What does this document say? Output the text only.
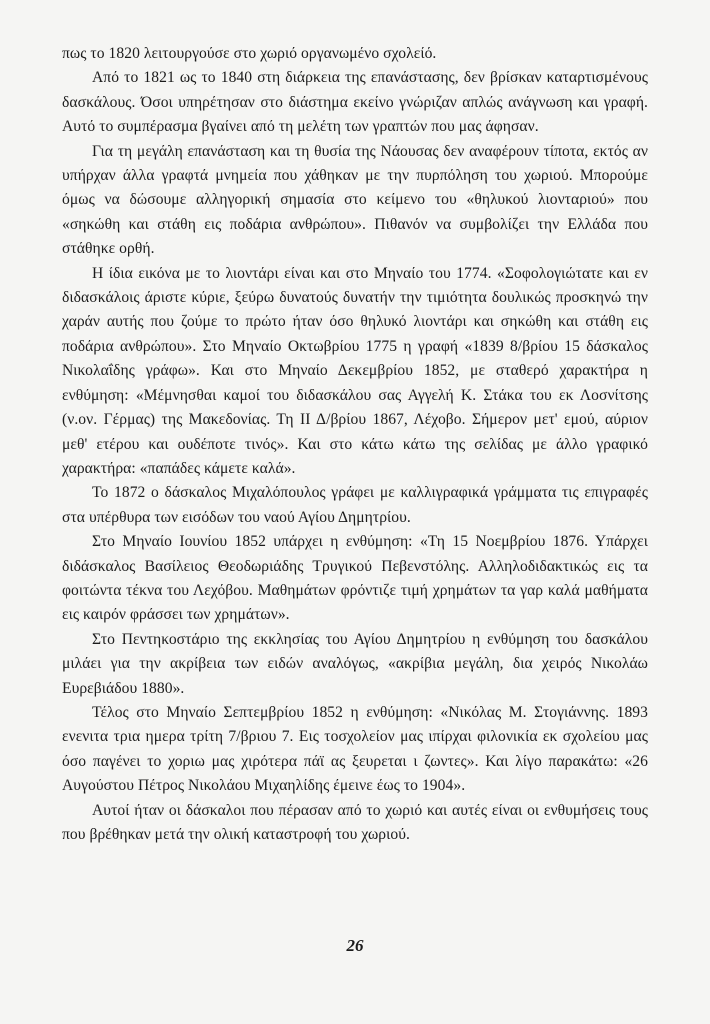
πως το 1820 λειτουργούσε στο χωριό οργανωμένο σχολείό.

Από το 1821 ως το 1840 στη διάρκεια της επανάστασης, δεν βρίσκαν καταρτισμένους δασκάλους. Όσοι υπηρέτησαν στο διάστημα εκείνο γνώριζαν απλώς ανάγνωση και γραφή. Αυτό το συμπέρασμα βγαίνει από τη μελέτη των γραπτών που μας άφησαν.

Για τη μεγάλη επανάσταση και τη θυσία της Νάουσας δεν αναφέρουν τίποτα, εκτός αν υπήρχαν άλλα γραφτά μνημεία που χάθηκαν με την πυρπόληση του χωριού. Μπορούμε όμως να δώσουμε αλληγορική σημασία στο κείμενο του «θηλυκού λιονταριού» που «σηκώθη και στάθη εις ποδάρια ανθρώπου». Πιθανόν να συμβολίζει την Ελλάδα που στάθηκε ορθή.

Η ίδια εικόνα με το λιοντάρι είναι και στο Μηναίο του 1774. «Σοφολογιώτατε και εν διδασκάλοις άριστε κύριε, ξεύρω δυνατούς δυνατήν την τιμιότητα δουλικώς προσκηνώ την χαράν αυτής που ζούμε το πρώτο ήταν όσο θηλυκό λιοντάρι και σηκώθη και στάθη εις ποδάρια ανθρώπου». Στο Μηναίο Οκτωβρίου 1775 η γραφή «1839 8/βρίου 15 δάσκαλος Νικολαΐδης γράφω». Και στο Μηναίο Δεκεμβρίου 1852, με σταθερό χαρακτήρα η ενθύμηση: «Μέμνησθαι καμοί του διδασκάλου σας Αγγελή Κ. Στάκα του εκ Λοσνίτσης (ν.ον. Γέρμας) της Μακεδονίας. Τη ΙΙ Δ/βρίου 1867, Λέχοβο. Σήμερον μετ' εμού, αύριον μεθ' ετέρου και ουδέποτε τινός». Και στο κάτω κάτω της σελίδας με άλλο γραφικό χαρακτήρα: «παπάδες κάμετε καλά».

Το 1872 ο δάσκαλος Μιχαλόπουλος γράφει με καλλιγραφικά γράμματα τις επιγραφές στα υπέρθυρα των εισόδων του ναού Αγίου Δημητρίου.

Στο Μηναίο Ιουνίου 1852 υπάρχει η ενθύμηση: «Τη 15 Νοεμβρίου 1876. Υπάρχει διδάσκαλος Βασίλειος Θεοδωριάδης Τρυγικού Πεβενστόλης. Αλληλοδιδακτικώς εις τα φοιτώντα τέκνα του Λεχόβου. Μαθημάτων φρόντιζε τιμή χρημάτων τα γαρ καλά μαθήματα εις καιρόν φράσσει των χρημάτων».

Στο Πεντηκοστάριο της εκκλησίας του Αγίου Δημητρίου η ενθύμηση του δασκάλου μιλάει για την ακρίβεια των ειδών αναλόγως, «ακρίβια μεγάλη, δια χειρός Νικολάω Ευρεβιάδου 1880».

Τέλος στο Μηναίο Σεπτεμβρίου 1852 η ενθύμηση: «Νικόλας Μ. Στογιάννης. 1893 ενενιτα τρια ημερα τρίτη 7/βριου 7. Εις τοσχολείον μας ιπίρχαι φιλονικία εκ σχολείου μας όσο παγένει το χοριω μας χιρότερα πάϊ ας ξευρεται ι ζωντες». Και λίγο παρακάτω: «26 Αυγούστου Πέτρος Νικολάου Μιχαηλίδης έμεινε έως το 1904».

Αυτοί ήταν οι δάσκαλοι που πέρασαν από το χωριό και αυτές είναι οι ενθυμήσεις τους που βρέθηκαν μετά την ολική καταστροφή του χωριού.

26
